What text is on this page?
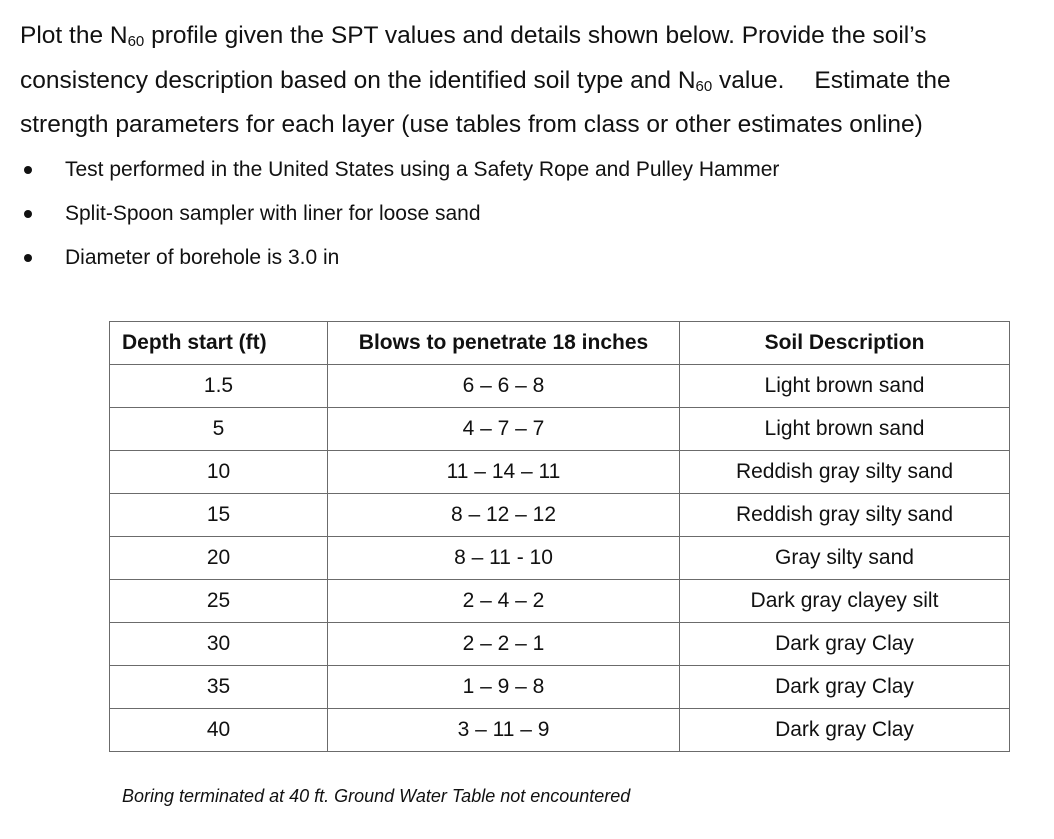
Plot the $N_{60}$ profile given the SPT values and details shown below. Provide the soil’s

consistency description based on the identified soil type and $N_{60}$ value. Estimate the

strength parameters for each layer (use tables from class or other estimates online)

Test performed in the United States using a Safety Rope and Pulley Hammer
Split-Spoon sampler with liner for loose sand
Diameter of borehole is 3.0 in
Depth start (ft)	Blows to penetrate 18 inches	Soil Description
1.5	6 – 6 – 8	Light brown sand
5	4 – 7 – 7	Light brown sand
10	11 – 14 – 11	Reddish gray silty sand
15	8 – 12 – 12	Reddish gray silty sand
20	8 – 11 - 10	Gray silty sand
25	2 – 4 – 2	Dark gray clayey silt
30	2 – 2 – 1	Dark gray Clay
35	1 – 9 – 8	Dark gray Clay
40	3 – 11 – 9	Dark gray Clay
Boring terminated at 40 ft. Ground Water Table not encountered
